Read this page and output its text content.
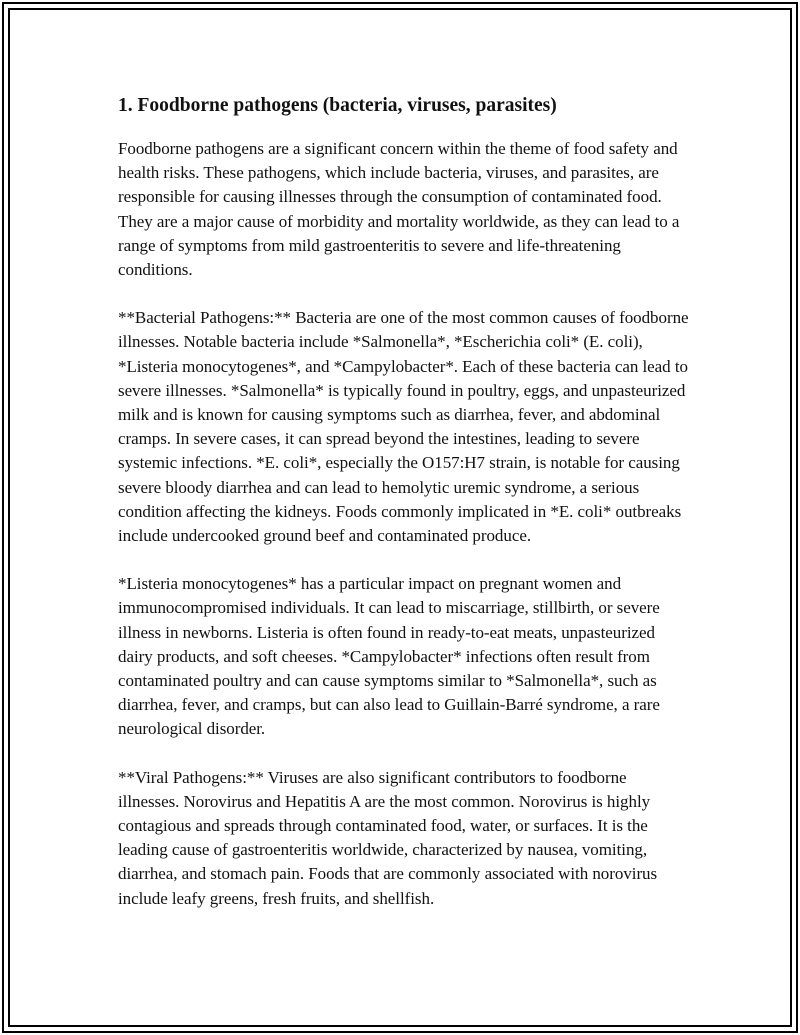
1. Foodborne pathogens (bacteria, viruses, parasites)

Foodborne pathogens are a significant concern within the theme of food safety and health risks. These pathogens, which include bacteria, viruses, and parasites, are responsible for causing illnesses through the consumption of contaminated food. They are a major cause of morbidity and mortality worldwide, as they can lead to a range of symptoms from mild gastroenteritis to severe and life-threatening conditions.

**Bacterial Pathogens:** Bacteria are one of the most common causes of foodborne illnesses. Notable bacteria include *Salmonella*, *Escherichia coli* (E. coli), *Listeria monocytogenes*, and *Campylobacter*. Each of these bacteria can lead to severe illnesses. *Salmonella* is typically found in poultry, eggs, and unpasteurized milk and is known for causing symptoms such as diarrhea, fever, and abdominal cramps. In severe cases, it can spread beyond the intestines, leading to severe systemic infections. *E. coli*, especially the O157:H7 strain, is notable for causing severe bloody diarrhea and can lead to hemolytic uremic syndrome, a serious condition affecting the kidneys. Foods commonly implicated in *E. coli* outbreaks include undercooked ground beef and contaminated produce.

*Listeria monocytogenes* has a particular impact on pregnant women and immunocompromised individuals. It can lead to miscarriage, stillbirth, or severe illness in newborns. Listeria is often found in ready-to-eat meats, unpasteurized dairy products, and soft cheeses. *Campylobacter* infections often result from contaminated poultry and can cause symptoms similar to *Salmonella*, such as diarrhea, fever, and cramps, but can also lead to Guillain-Barré syndrome, a rare neurological disorder.

**Viral Pathogens:** Viruses are also significant contributors to foodborne illnesses. Norovirus and Hepatitis A are the most common. Norovirus is highly contagious and spreads through contaminated food, water, or surfaces. It is the leading cause of gastroenteritis worldwide, characterized by nausea, vomiting, diarrhea, and stomach pain. Foods that are commonly associated with norovirus include leafy greens, fresh fruits, and shellfish.
